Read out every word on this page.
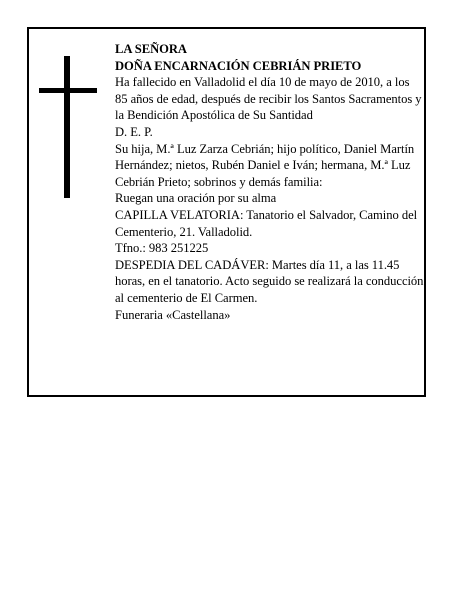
LA SEÑORA

DOÑA ENCARNACIÓN CEBRIÁN PRIETO

Ha fallecido en Valladolid el día 10 de mayo de 2010, a los 85 años de edad, después de recibir los Santos Sacramentos y la Bendición Apostólica de Su Santidad

D. E. P.

Su hija, M.ª Luz Zarza Cebrián; hijo político, Daniel Martín Hernández; nietos, Rubén Daniel e Iván; hermana, M.ª Luz Cebrián Prieto; sobrinos y demás familia:

Ruegan una oración por su alma

CAPILLA VELATORIA: Tanatorio el Salvador, Camino del Cementerio, 21. Valladolid.

Tfno.: 983 251225

DESPEDIA DEL CADÁVER: Martes día 11, a las 11.45 horas, en el tanatorio. Acto seguido se realizará la conducción al cementerio de El Carmen.

Funeraria «Castellana»
